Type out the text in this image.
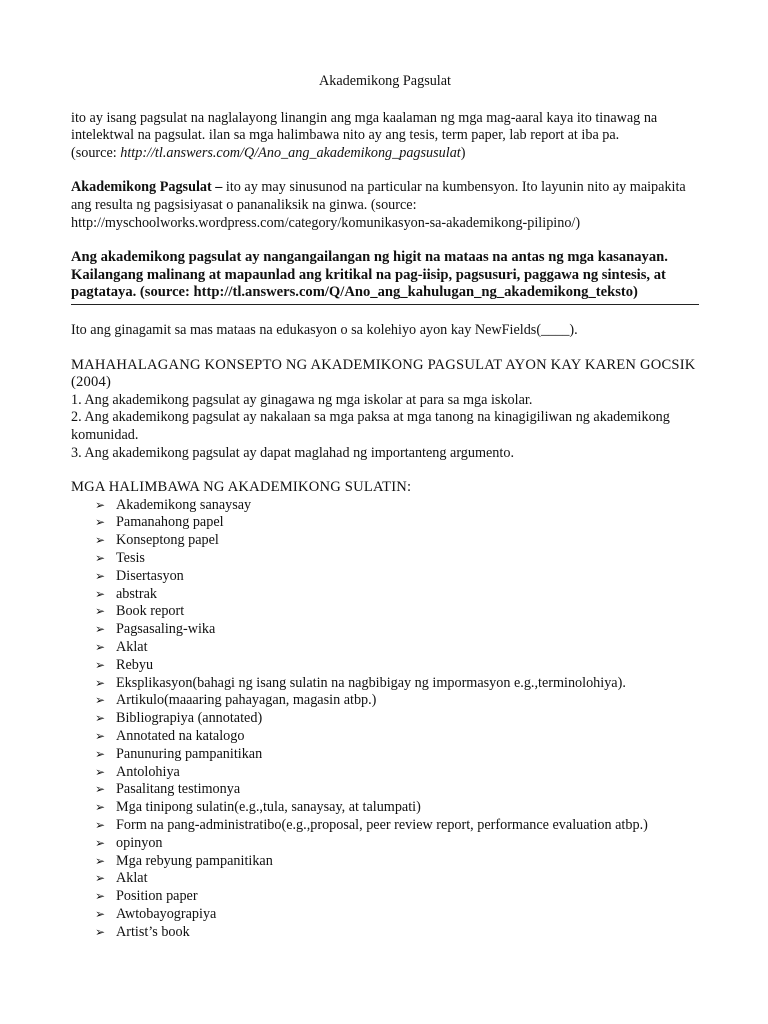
Akademikong Pagsulat

ito ay isang pagsulat na naglalayong linangin ang mga kaalaman ng mga mag-aaral kaya ito tinawag na intelektwal na pagsulat. ilan sa mga halimbawa nito ay ang tesis, term paper, lab report at iba pa.
(source: http://tl.answers.com/Q/Ano_ang_akademikong_pagsusulat)

Akademikong Pagsulat – ito ay may sinusunod na particular na kumbensyon. Ito layunin nito ay maipakita ang resulta ng pagsisiyasat o pananaliksik na ginwa. (source: http://myschoolworks.wordpress.com/category/komunikasyon-sa-akademikong-pilipino/)

Ang akademikong pagsulat ay nangangailangan ng higit na mataas na antas ng mga kasanayan. Kailangang malinang at mapaunlad ang kritikal na pag-iisip, pagsusuri, paggawa ng sintesis, at pagtataya. (source: http://tl.answers.com/Q/Ano_ang_kahulugan_ng_akademikong_teksto)

Ito ang ginagamit sa mas mataas na edukasyon o sa kolehiyo ayon kay NewFields(____).

MAHAHALAGANG KONSEPTO NG AKADEMIKONG PAGSULAT AYON KAY KAREN GOCSIK (2004)

1. Ang akademikong pagsulat ay ginagawa ng mga iskolar at para sa mga iskolar.
2. Ang akademikong pagsulat ay nakalaan sa mga paksa at mga tanong na kinagigiliwan ng akademikong komunidad.
3. Ang akademikong pagsulat ay dapat maglahad ng importanteng argumento.

MGA HALIMBAWA NG AKADEMIKONG SULATIN:

➢ Akademikong sanaysay
➢ Pamanahong papel
➢ Konseptong papel
➢ Tesis
➢ Disertasyon
➢ abstrak
➢ Book report
➢ Pagsasaling-wika
➢ Aklat
➢ Rebyu
➢ Eksplikasyon(bahagi ng isang sulatin na nagbibigay ng impormasyon e.g.,terminolohiya).
➢ Artikulo(maaaring pahayagan, magasin atbp.)
➢ Bibliograpiya (annotated)
➢ Annotated na katalogo
➢ Panunuring pampanitikan
➢ Antolohiya
➢ Pasalitang testimonya
➢ Mga tinipong sulatin(e.g.,tula, sanaysay, at talumpati)
➢ Form na pang-administratibo(e.g.,proposal, peer review report, performance evaluation atbp.)
➢ opinyon
➢ Mga rebyung pampanitikan
➢ Aklat
➢ Position paper
➢ Awtobayograpiya
➢ Artist’s book
